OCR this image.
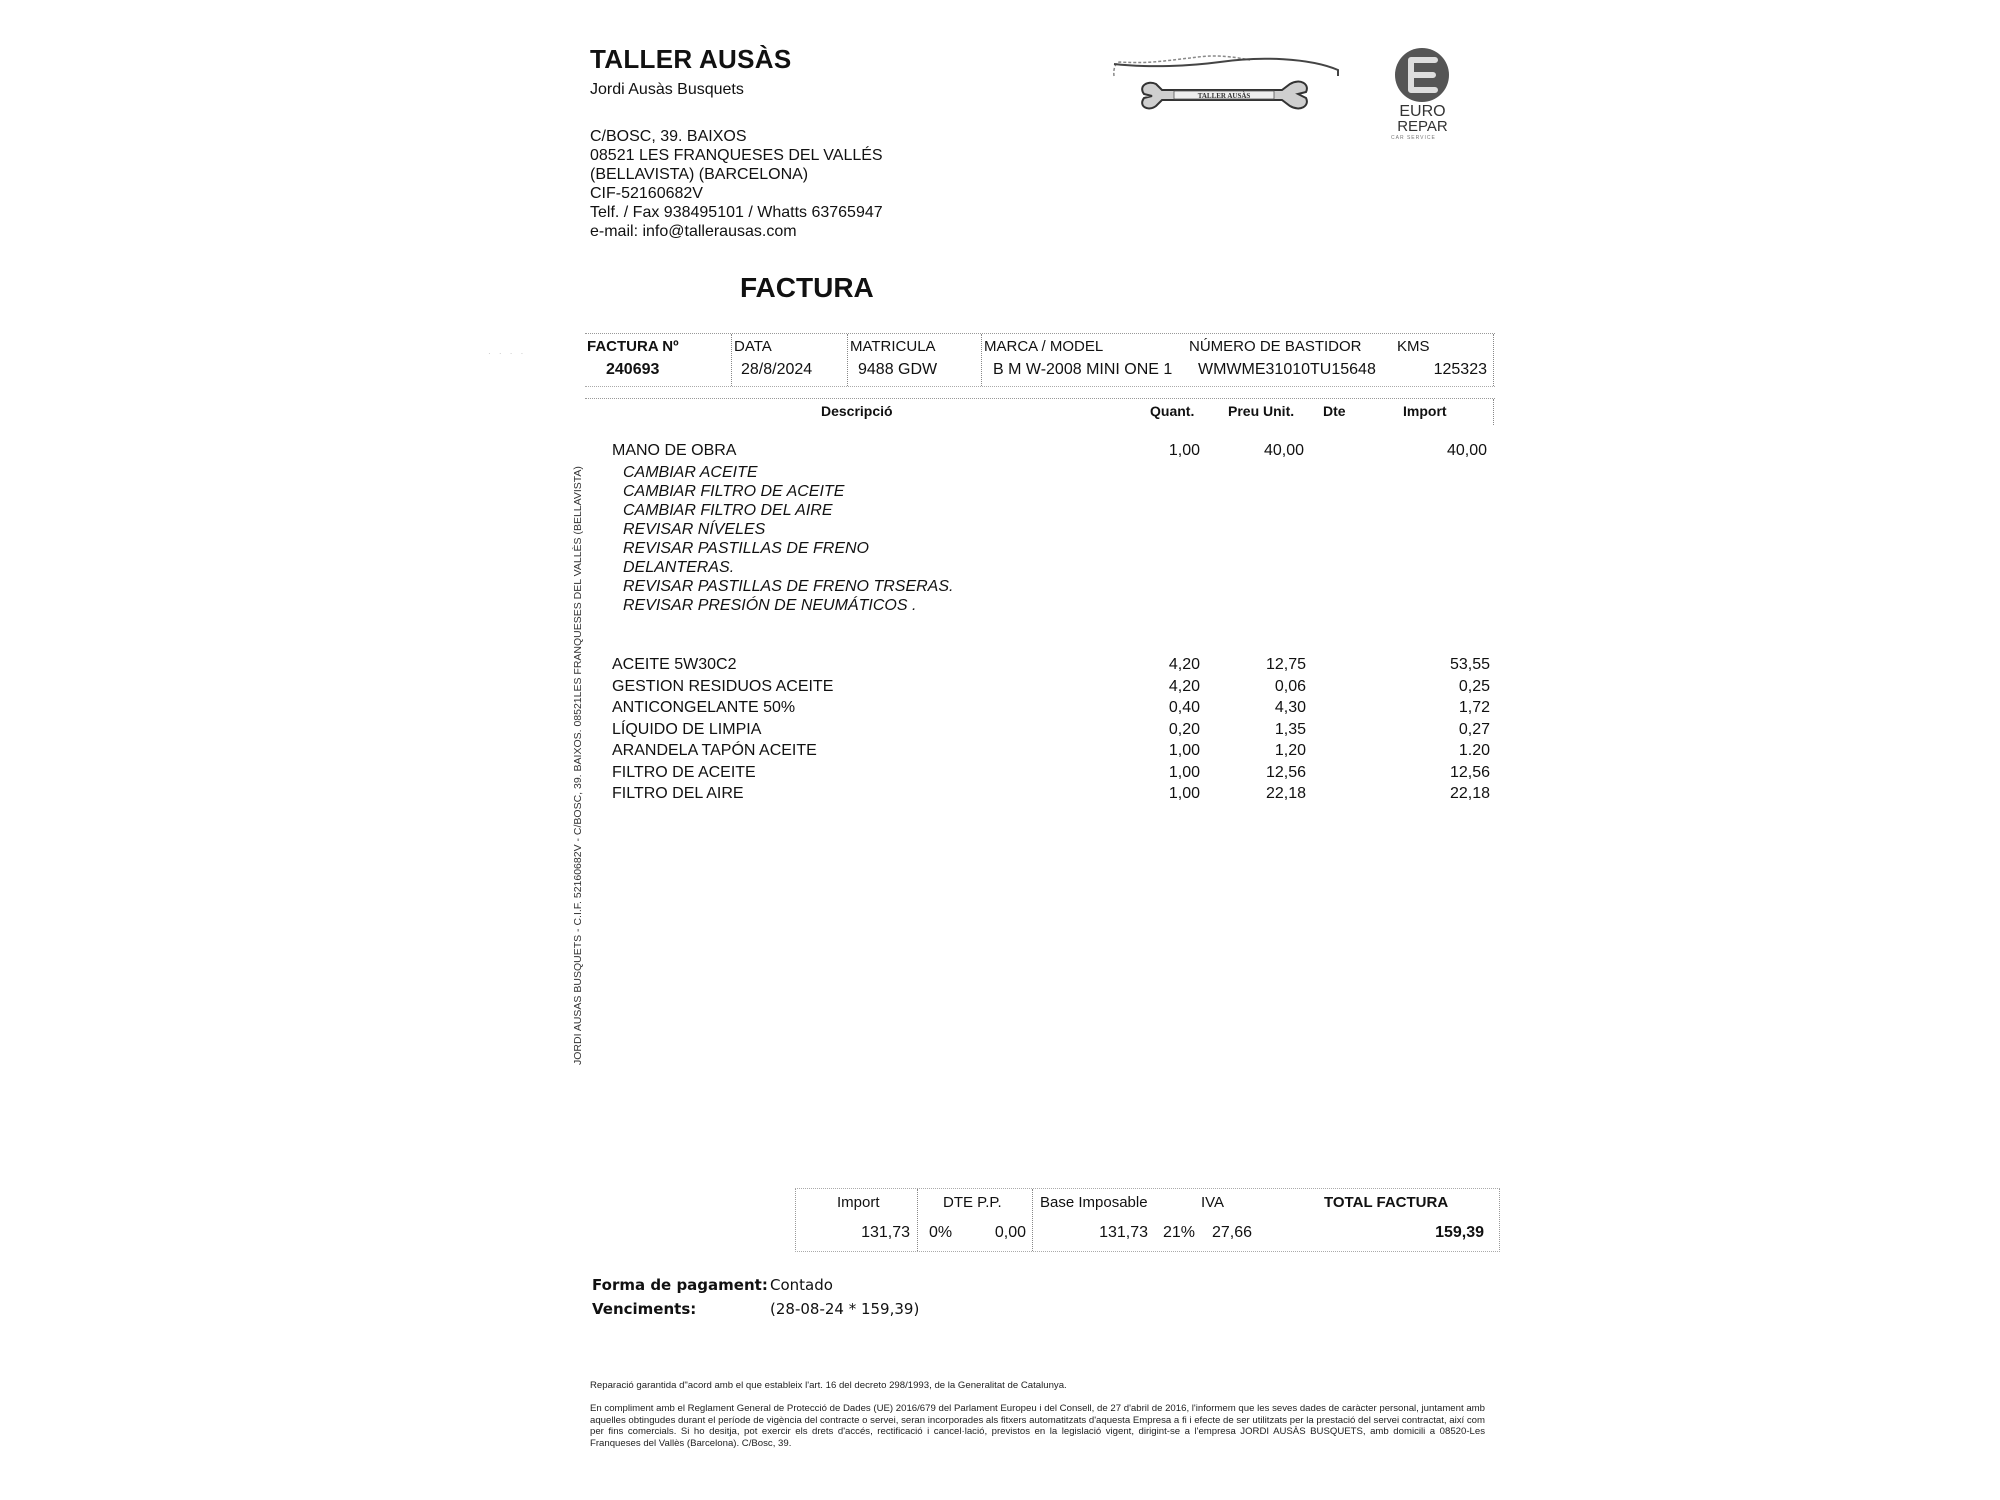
TALLER AUSÀS
Jordi Ausàs Busquets
C/BOSC, 39. BAIXOS
08521 LES FRANQUESES DEL VALLÉS
(BELLAVISTA) (BARCELONA)
CIF-52160682V
Telf. / Fax 938495101 / Whatts 63765947
e-mail: info@tallerausas.com
TALLER AUSÀS
EURO
REPAR
CAR SERVICE
FACTURA
· · · ·	FACTURA Nº
240693
DATA
28/8/2024
MATRICULA
9488 GDW
MARCA / MODEL
B M W-2008 MINI ONE 1
NÚMERO DE BASTIDOR
WMWME31010TU15648
KMS
125323
Descripció	Quant. Preu Unit. Dte	Import
MANO DE OBRA	1,00	40,00	40,00
CAMBIAR ACEITE
CAMBIAR FILTRO DE ACEITE
CAMBIAR FILTRO DEL AIRE
REVISAR NÍVELES
REVISAR PASTILLAS DE FRENO
DELANTERAS.
REVISAR PASTILLAS DE FRENO TRSERAS.
REVISAR PRESIÓN DE NEUMÁTICOS .
ACEITE 5W30C2	4,20	12,75	53,55
GESTION RESIDUOS ACEITE	4,20	0,06	0,25
ANTICONGELANTE 50%	0,40	4,30	1,72
LÍQUIDO DE LIMPIA	0,20	1,35	0,27
ARANDELA TAPÓN ACEITE	1,00	1,20	1.20
FILTRO DE ACEITE	1,00	12,56	12,56
FILTRO DEL AIRE	1,00	22,18	22,18
JORDI AUSAS BUSQUETS - C.I.F. 52160682V - C/BOSC, 39. BAIXOS. 08521LES FRANQUESES DEL VALLÈS (BELLAVISTA)
Import
131,73
DTE P.P.
0%	0,00
Base Imposable
131,73
IVA
21% 27,66
TOTAL FACTURA
159,39
Forma de pagament: Contado
Venciments:	(28-08-24 * 159,39)
Reparació garantida d"acord amb el que estableix l'art. 16 del decreto 298/1993, de la Generalitat de Catalunya.
En compliment amb el Reglament General de Protecció de Dades (UE) 2016/679 del Parlament Europeu i del Consell, de 27 d'abril de 2016, l'informem que les seves dades de caràcter personal, juntament amb aquelles obtingudes durant el període de vigència del contracte o servei, seran incorporades als fitxers automatitzats d'aquesta Empresa a fi i efecte de ser utilitzats per la prestació del servei contractat, així com per fins comercials. Si ho desitja, pot exercir els drets d'accés, rectificació i cancel·lació, previstos en la legislació vigent, dirigint-se a l'empresa JORDI AUSÀS BUSQUETS, amb domicili a 08520-Les Franqueses del Vallès (Barcelona). C/Bosc, 39.
